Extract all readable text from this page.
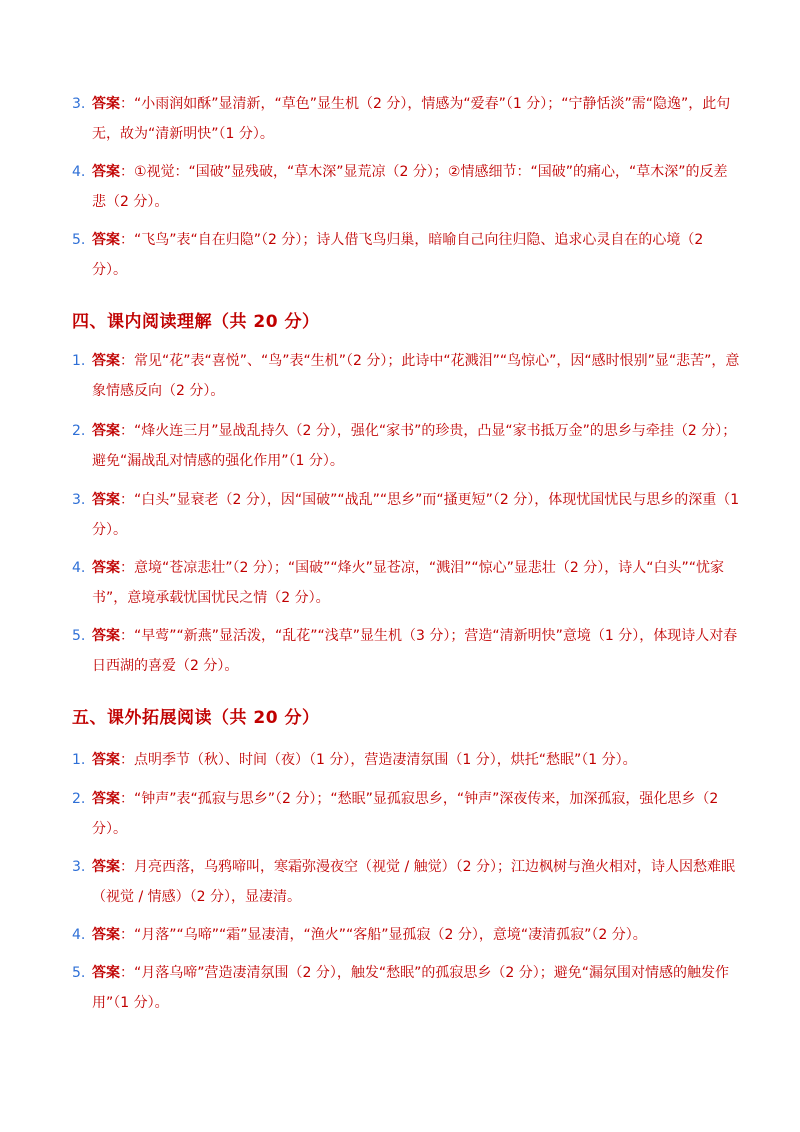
3. 答案：“小雨润如酥”显清新，“草色”显生机（2 分），情感为“爱春”（1 分）；“宁静恬淡”需“隐逸”，此句无，故为“清新明快”（1 分）。
4. 答案：①视觉：“国破”显残破，“草木深”显荒凉（2 分）；②情感细节：“国破”的痛心，“草木深”的反差悲（2 分）。
5. 答案：“飞鸟”表“自在归隐”（2 分）；诗人借飞鸟归巢，暗喻自己向往归隐、追求心灵自在的心境（2 分）。
四、课内阅读理解（共 20 分）
1. 答案：常见“花”表“喜悦”、“鸟”表“生机”（2 分）；此诗中“花溅泪”“鸟惊心”，因“感时恨别”显“悲苦”，意象情感反向（2 分）。
2. 答案：“烽火连三月”显战乱持久（2 分），强化“家书”的珍贵，凸显“家书抵万金”的思乡与牵挂（2 分）；避免“漏战乱对情感的强化作用”（1 分）。
3. 答案：“白头”显衰老（2 分），因“国破”“战乱”“思乡”而“搔更短”（2 分），体现忧国忧民与思乡的深重（1 分）。
4. 答案：意境“苍凉悲壮”（2 分）；“国破”“烽火”显苍凉，“溅泪”“惊心”显悲壮（2 分），诗人“白头”“忧家书”，意境承载忧国忧民之情（2 分）。
5. 答案：“早莺”“新燕”显活泼，“乱花”“浅草”显生机（3 分）；营造“清新明快”意境（1 分），体现诗人对春日西湖的喜爱（2 分）。
五、课外拓展阅读（共 20 分）
1. 答案：点明季节（秋）、时间（夜）（1 分），营造凄清氛围（1 分），烘托“愁眠”（1 分）。
2. 答案：“钟声”表“孤寂与思乡”（2 分）；“愁眠”显孤寂思乡，“钟声”深夜传来，加深孤寂，强化思乡（2 分）。
3. 答案：月亮西落，乌鸦啼叫，寒霜弥漫夜空（视觉 / 触觉）（2 分）；江边枫树与渔火相对，诗人因愁难眠（视觉 / 情感）（2 分），显凄清。
4. 答案：“月落”“乌啼”“霜”显凄清，“渔火”“客船”显孤寂（2 分），意境“凄清孤寂”（2 分）。
5. 答案：“月落乌啼”营造凄清氛围（2 分），触发“愁眠”的孤寂思乡（2 分）；避免“漏氛围对情感的触发作用”（1 分）。
